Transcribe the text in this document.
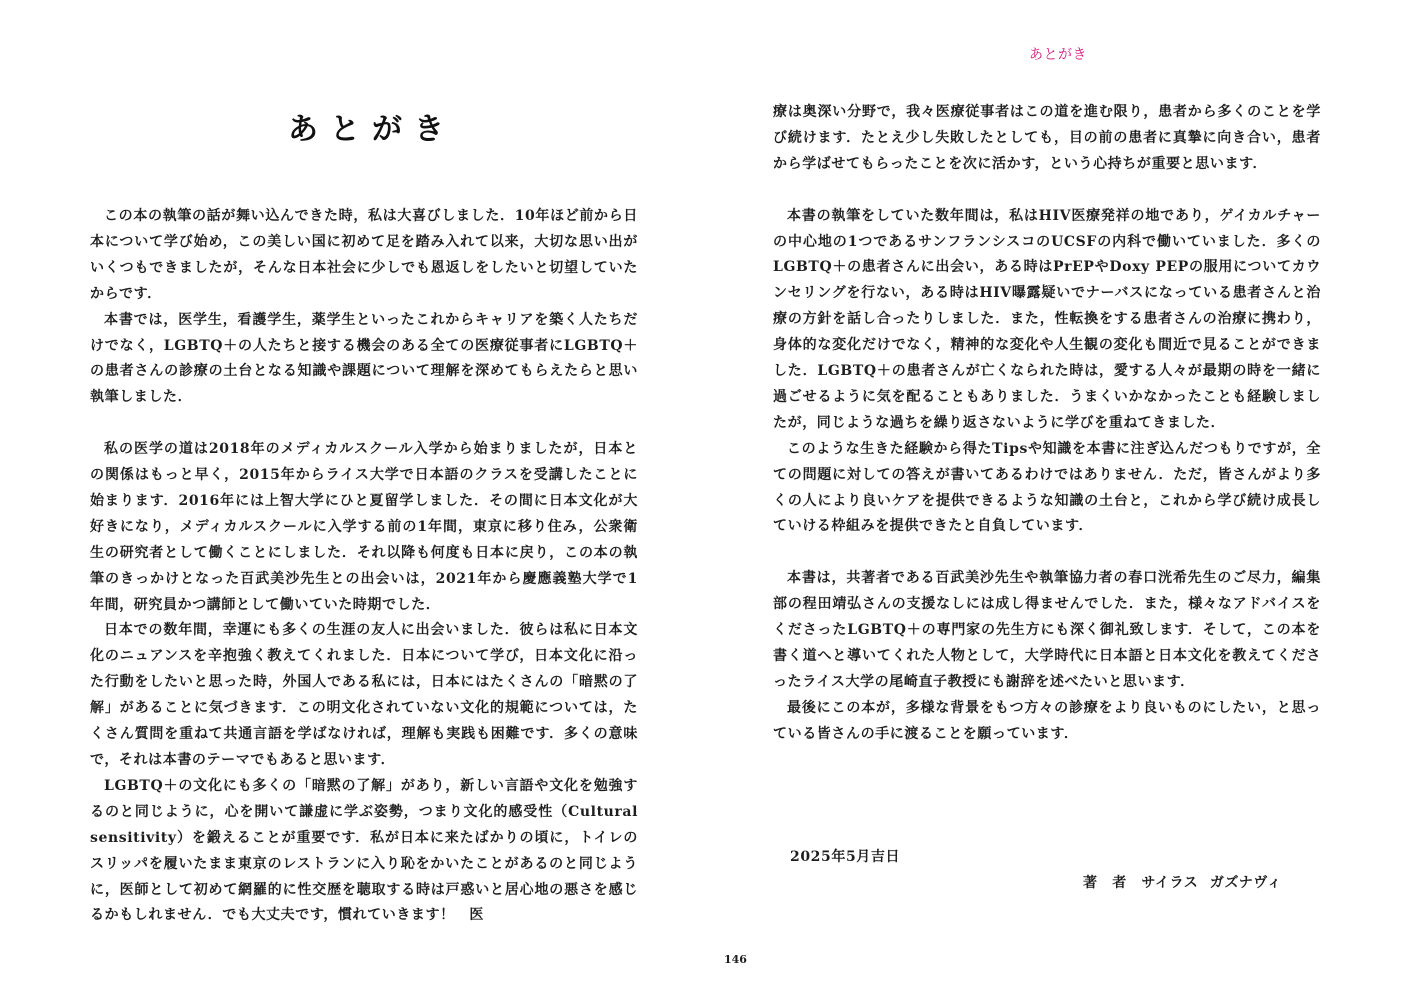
あとがき
あとがき

この本の執筆の話が舞い込んできた時，私は大喜びしました．10年ほど前から日本について学び始め，この美しい国に初めて足を踏み入れて以来，大切な思い出がいくつもできましたが，そんな日本社会に少しでも恩返しをしたいと切望していたからです．

本書では，医学生，看護学生，薬学生といったこれからキャリアを築く人たちだけでなく，LGBTQ＋の人たちと接する機会のある全ての医療従事者にLGBTQ＋の患者さんの診療の土台となる知識や課題について理解を深めてもらえたらと思い執筆しました．

私の医学の道は2018年のメディカルスクール入学から始まりましたが，日本との関係はもっと早く，2015年からライス大学で日本語のクラスを受講したことに始まります．2016年には上智大学にひと夏留学しました．その間に日本文化が大好きになり，メディカルスクールに入学する前の1年間，東京に移り住み，公衆衛生の研究者として働くことにしました．それ以降も何度も日本に戻り，この本の執筆のきっかけとなった百武美沙先生との出会いは，2021年から慶應義塾大学で1年間，研究員かつ講師として働いていた時期でした．

日本での数年間，幸運にも多くの生涯の友人に出会いました．彼らは私に日本文化のニュアンスを辛抱強く教えてくれました．日本について学び，日本文化に沿った行動をしたいと思った時，外国人である私には，日本にはたくさんの「暗黙の了解」があることに気づきます．この明文化されていない文化的規範については，たくさん質問を重ねて共通言語を学ばなければ，理解も実践も困難です．多くの意味で，それは本書のテーマでもあると思います．

LGBTQ＋の文化にも多くの「暗黙の了解」があり，新しい言語や文化を勉強するのと同じように，心を開いて謙虚に学ぶ姿勢，つまり文化的感受性（Cultural sensitivity）を鍛えることが重要です．私が日本に来たばかりの頃に，トイレのスリッパを履いたまま東京のレストランに入り恥をかいたことがあるのと同じように，医師として初めて網羅的に性交歴を聴取する時は戸惑いと居心地の悪さを感じるかもしれません．でも大丈夫です，慣れていきます！　医

療は奥深い分野で，我々医療従事者はこの道を進む限り，患者から多くのことを学び続けます．たとえ少し失敗したとしても，目の前の患者に真摯に向き合い，患者から学ばせてもらったことを次に活かす，という心持ちが重要と思います．

本書の執筆をしていた数年間は，私はHIV医療発祥の地であり，ゲイカルチャーの中心地の1つであるサンフランシスコのUCSFの内科で働いていました．多くのLGBTQ＋の患者さんに出会い，ある時はPrEPやDoxy PEPの服用についてカウンセリングを行ない，ある時はHIV曝露疑いでナーバスになっている患者さんと治療の方針を話し合ったりしました．また，性転換をする患者さんの治療に携わり，身体的な変化だけでなく，精神的な変化や人生観の変化も間近で見ることができました．LGBTQ＋の患者さんが亡くなられた時は，愛する人々が最期の時を一緒に過ごせるように気を配ることもありました．うまくいかなかったことも経験しましたが，同じような過ちを繰り返さないように学びを重ねてきました．

このような生きた経験から得たTipsや知識を本書に注ぎ込んだつもりですが，全ての問題に対しての答えが書いてあるわけではありません．ただ，皆さんがより多くの人により良いケアを提供できるような知識の土台と，これから学び続け成長していける枠組みを提供できたと自負しています．

本書は，共著者である百武美沙先生や執筆協力者の春口洸希先生のご尽力，編集部の程田靖弘さんの支援なしには成し得ませんでした．また，様々なアドバイスをくださったLGBTQ＋の専門家の先生方にも深く御礼致します．そして，この本を書く道へと導いてくれた人物として，大学時代に日本語と日本文化を教えてくださったライス大学の尾崎直子教授にも謝辞を述べたいと思います．

最後にこの本が，多様な背景をもつ方々の診療をより良いものにしたい，と思っている皆さんの手に渡ることを願っています．

2025年5月吉日
著　者　サイラス ガズナヴィ
146
